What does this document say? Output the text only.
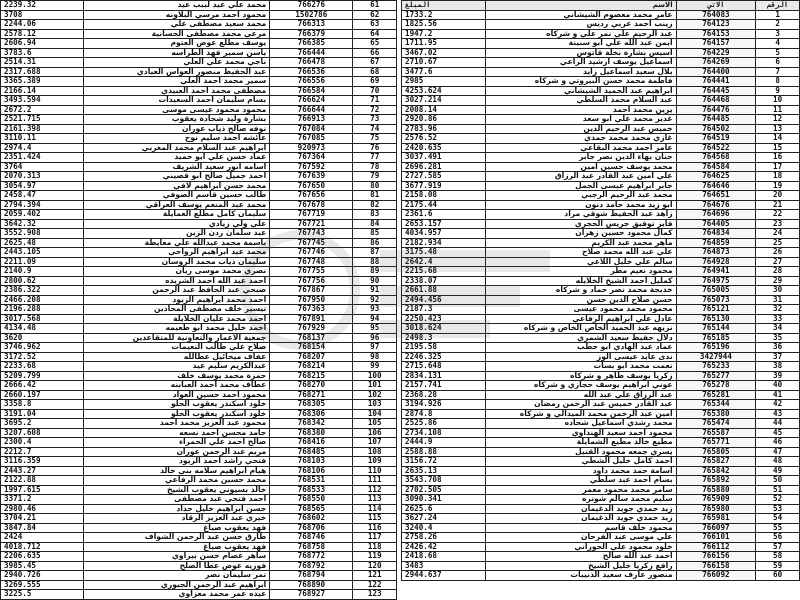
2239.32	محمد علي عيد لبيب عيد	766276	61
3708	محمود احمد مرسي البلاونه	1502786	62
2244.06	محمد سعيد مصطفى علي	766313	63
2578.12	مرعي محمد مصطفى الحسانية	766379	64
2606.94	يوسف مطلع عوض العتوم	766385	65
3783.6	ياسن سمير فهد الطراسه	766444	66
2514.31	ناجي محمد علي العلي	766478	67
2317.688	عبد الحفيظ منصور العواس العبادي	766536	68
3365.389	سمير محمد احمد العلي	766556	69
2166.14	مصطفى محمد احمد العبيدي	766584	70
3493.594	بسام سليمان احمد السعيدات	766624	71
2672.2	محمود محمود عيسى موسى	766644	72
2521.715	بشارة وليد شحادة يعقوب	766913	73
2161.398	نوفه صالح ذياب عوران	767084	74
3110.11	عائشه احمد سليم نوح	767085	75
2974.4	ابراهيم عبد السلام محمد المغربي	920973	76
2351.424	عماد حسن علي ابو حميد	767364	77
3764	اسامه انور سعيد الشريف	767592	78
2070.313	احمد جميل صالح ابو قصيني	767639	79
3054.97	محمد حسن ابراهيم لافي	767650	80
2458.47	طالب حسين قاسم الصوفي	767656	81
2794.394	محمد عبد المنعم يوسف العراقي	767678	82
2059.402	سليمان كامل مطلع العمايلة	767719	83
3642.32	علي ولي زيادي	767721	84
3552.908	عبد سلمان ردن الزين	767743	85
2625.48	باسمة محمد عبدالله علي معايطة	767745	86
2443.105	محمد عيد ابراهيم الرواحي	767746	87
2211.09	سليمان ذياب محمد الروسان	767748	88
2140.9	نصري محمد موسى ريان	767755	89
2800.62	احمد عبد الله احمد الشريده	767756	90
2386.322	صبحي عبد الحافظ عبد الرحمن	767867	91
2466.208	احمد محمد ابراهيم الزيود	767950	92
2196.288	تيسير خلف مصطفى المحاذين	767363	93
3017.568	احمد محمد عليان الخلايلة	767891	94
4134.48	احمد خليل محمد ابو طعيمه	767929	95
3620	جمعية الاعمار والتعاونية للمتقاعدين	768137	96
3746.962	صلاح علي طالب النعيمات	768154	97
3172.52	عفاف ميخائيل عطالله	768207	98
2233.68	عبدالكريم سليم عيد	768214	99
5209.799	حمزة محمد يوسف خلف	768215	100
2666.42	عطاف محمد احمد العبابنه	768270	101
2660.197	محمود احمد حسين العواد	768271	102
3358.8	خلود اسكندر يعقوب الحلو	768305	103
3191.04	خلود اسكندر يعقوب الحلو	768306	104
3695.2	محمود عبد العزيز محمد احمد	768342	105
3207.608	حامد محسن احمد نسعه	768380	106
2300.4	صالح احمد علي الحمراء	768416	107
2212.7	مريم عبد الرحمن عوران	768485	108
3116.359	فتحي راشد احمد الزيود	768103	109
2443.27	هيام ابراهيم سلامه بني خالد	768106	110
2122.88	محمد حسين محمد الرفاعي	768531	111
1997.615	خالد بسيوني يعقوب الشيخ	768533	112
3371.2	احمد فتحي عبد مصطفى	768550	113
2980.46	حسن ابراهيم خليل حداد	768565	114
3704.21	خيري عبد العزيز الرقاد	768602	115
3847.84	فهد يعقوب صياغ	768706	116
2424	طارق حسن عبد الرحمن الشواف	768746	117
4018.712	فهد يعقوب صياغ	768758	118
2206.635	ساهر عصام حسن بيراوي	768772	119
3985.45	فوزيه عوض عطا الصلح	768792	120
2940.726	تمر سليمان نصر	768794	121
3269.555	ابراهيم عبد الرحمن الجبوري	768890	122
3225.5	عيده عمر محمد معزاوي	768927	123
المبلغ	الاسم	الاتي	الرقم
1733.2	عامر محمد معصوم الشيشاني	764083	1
1825.56	زينب احمد عربي رديس	764123	2
1947.2	عبد الرحيم علي نمر علي و شركاه	764153	3
1711.95	ايمن عبد الله علي ابو سنينة	764157	4
3467.02	اسيس بشارة نخلة قاتوس	764229	5
2710.67	اسماعيل يوسف ارشيد الراعي	764269	6
3477.6	بلال سعيد اسماعيل زايد	764400	7
2985	فاطمة محمد حسن البيروتي و شركاه	764441	8
4253.624	ابراهيم عبد الحميد الشيشاني	764445	9
3027.214	عبد السلام محمد السلطي	764468	10
2008.14	يزين محمد احمد	764476	11
2920.86	غدير محمد علي ابو سعد	764485	12
2783.96	خميس عبد الرحيم الدين	764502	13
2576.52	غازي محمد محمد حمدي	764519	14
2420.635	عامر احمد محمد البقاعي	764522	15
3037.491	حنان بهاء الدين نصر جابر	764568	16
2696.281	محمد يوسف حسين امين	764584	17
2727.585	علي امين عبد القادر عبد الرزاق	764625	18
3677.919	جابر ابراهيم عيسى الجمل	764646	19
2158.08	محمد عبد الرحيم الرجبي	764651	20
2175.44	ابو زيد محمد حامد دنون	764676	21
2361.6	زاهد عبد الحفيظ شوقي مراد	764696	22
2653.157	فايز توفيق جريس الحجري	764405	23
4034.957	كمال محمود حسين زهران	764834	24
2182.934	ماهر محمد عبد الكريم	764859	25
3175.48	علي عبد الله محمد صلاح	764873	26
2642.4	سالم علي خليل اللاعي	764928	27
2215.68	محمود نعيم مطر	764941	28
2338.07	كمليل احمد الشيخ الخلايله	764975	29
2661.88	خديجة محمد نصر حماد و شركاه	765005	30
2494.456	حسن صلاح الدين حسن	765073	31
2187.3	محمود محمد محمود عيسى	765121	32
2250.423	عادل علي ابراهيم الرفاعي	765130	33
3018.624	نزيهه عبد الحميد الخاص الخاص و شركاه	765144	34
2498.3	دلال حفيظ سعيد الشمري	765185	35
2195.58	عماد عبد الهادي ابو حطب	765196	36
2246.325	ندى عايد عيسى الوز	3427944	37
2715.648	نعمت محمد ابو بسات	765233	38
2834.131	زكريا يوسف طاهر و شركاه	765277	39
2157.741	عوني ابراهيم يوسف حجازي و شركاه	765278	40
2368.28	عبد الرزاق علي عبد الله	765281	41
3194.926	عبد القادر خميس عبد الرحمن رمضان	765344	42
2874.8	امين عبد الرحمن محمد الميدالي و شركاه	765380	43
2525.86	محمد رشدي اسماعيل شحاده	765474	44
2734.108	محمود احمد سعيد الهنداوي	765587	45
2444.9	مطيع خالد مطيع الشمايلة	765771	46
2588.88	يسري جمعه محمود القتيل	765805	47
3156.72	احمد كامل خليل الشطي	765827	48
2635.13	اسامة حمد محمد داود	765842	49
3543.708	بسام احمد عبد سلطي	765892	50
2702.505	سامر محمد محمود معمر	765880	51
3090.341	سليم محمد سالم شوتره	765909	52
2625.6	زيد حمدي جويد الدغيمان	765980	53
3627.24	زيد حمدي جويد الدغيمان	765981	54
3240.4	محمود خلف قاسم	766097	55
2758.26	علي موسى عبد الفرحان	766101	56
2426.42	خلود محمود علي الحوراني	766112	57
2418.68	احمد عبد الله صالح	766156	58
3483	رافع زكريا خليل الشيخ	766158	59
2944.637	منصور عارف سعيد الذنيبات	766092	60
